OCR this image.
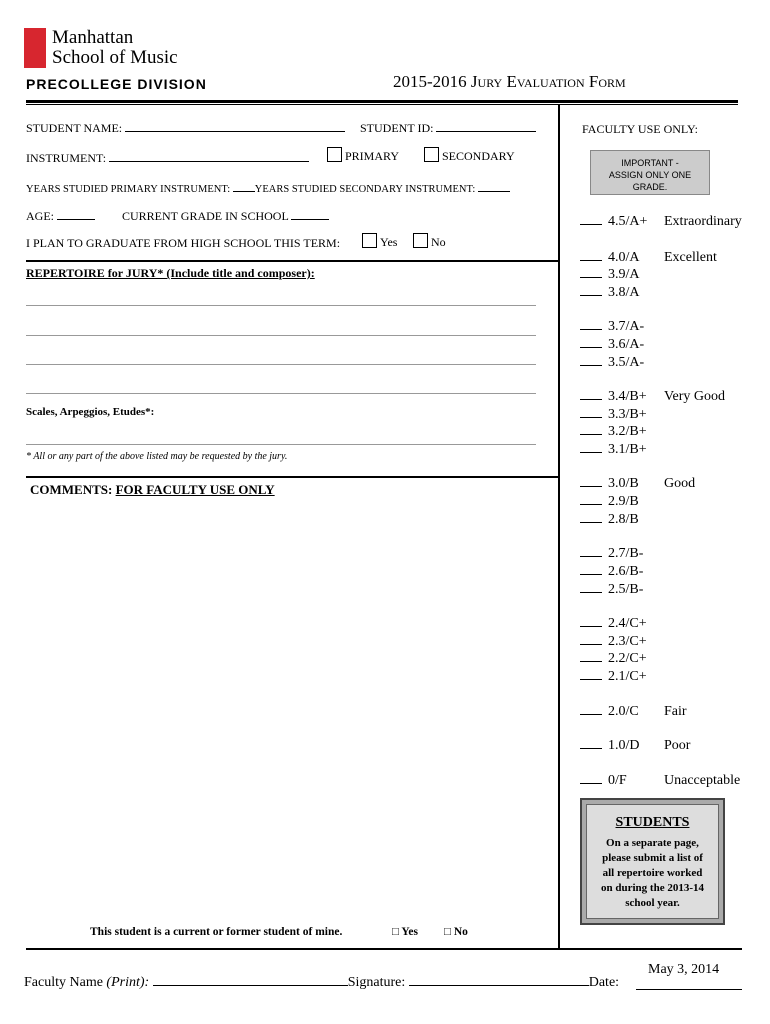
Manhattan
School of Music
PRECOLLEGE DIVISION	2015-2016 Jury Evaluation Form
STUDENT NAME:	STUDENT ID:
INSTRUMENT:	PRIMARY	SECONDARY
YEARS STUDIED PRIMARY INSTRUMENT: YEARS STUDIED SECONDARY INSTRUMENT:
AGE:	CURRENT GRADE IN SCHOOL
I PLAN TO GRADUATE FROM HIGH SCHOOL THIS TERM:	Yes	No
REPERTOIRE for JURY* (Include title and composer):
Scales, Arpeggios, Etudes*:
* All or any part of the above listed may be requested by the jury.
COMMENTS: FOR FACULTY USE ONLY
This student is a current or former student of mine.	□ Yes □ No
Faculty Name (Print):	Signature:	Date:
May 3, 2014
FACULTY USE ONLY:
IMPORTANT -
ASSIGN ONLY ONE
GRADE.
4.5/A+ Extraordinary
4.0/A Excellent
3.9/A
3.8/A
3.7/A-
3.6/A-
3.5/A-
3.4/B+ Very Good
3.3/B+
3.2/B+
3.1/B+
3.0/B Good
2.9/B
2.8/B
2.7/B-
2.6/B-
2.5/B-
2.4/C+
2.3/C+
2.2/C+
2.1/C+
2.0/C Fair
1.0/D Poor
0/F	Unacceptable
STUDENTS
On a separate page,
please submit a list of
all repertoire worked
on during the 2013-14
school year.
